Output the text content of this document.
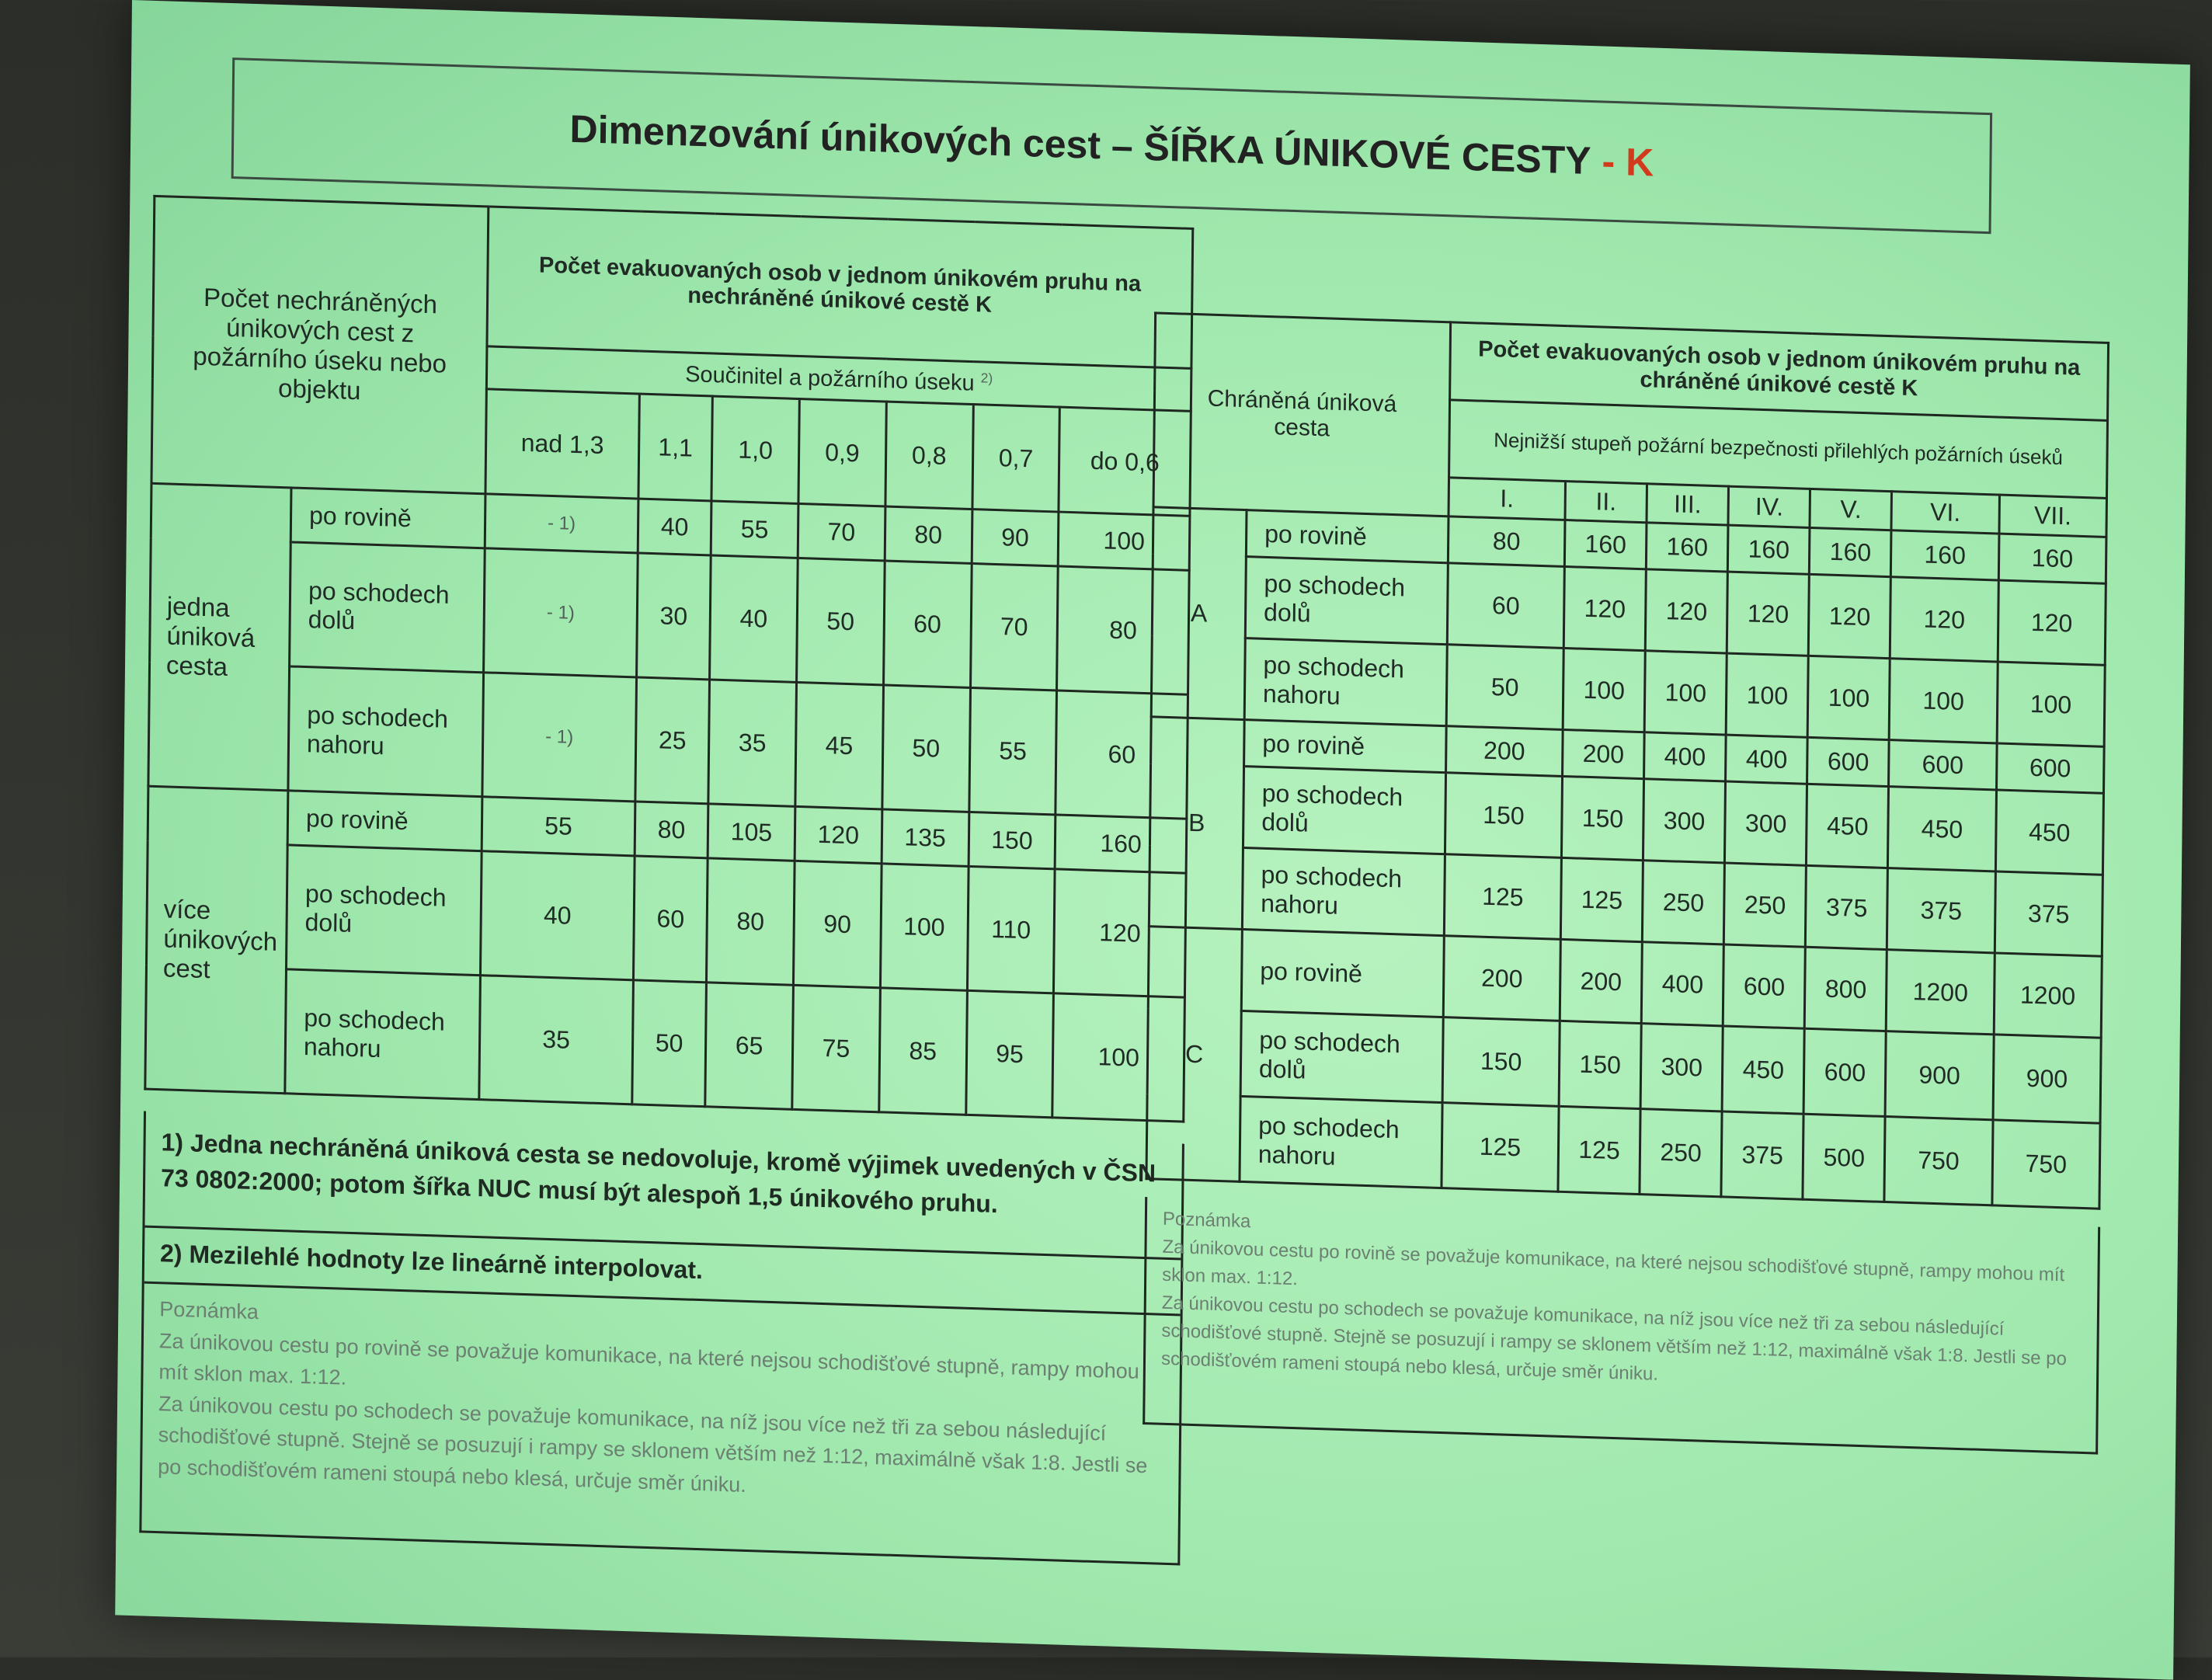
Dimenzování únikových cest – ŠÍŘKA ÚNIKOVÉ CESTY - K
Počet nechráněných únikových cest z požárního úseku nebo objektu		Počet evakuovaných osob v jednom únikovém pruhu na nechráněné únikové cestě K						
		Součinitel a požárního úseku $^{2)}$
		nad 1,3	1,1	1,0	0,9	0,8	0,7	do 0,6
jedna úniková cesta	po rovině	- 1)	40	55	70	80	90	100
	po schodech dolů	- 1)	30	40	50	60	70	80
	po schodech nahoru	- 1)	25	35	45	50	55	60
více únikových cest	po rovině	55	80	105	120	135	150	160
	po schodech dolů	40	60	80	90	100	110	120
	po schodech nahoru	35	50	65	75	85	95	100
1) Jedna nechráněná úniková cesta se nedovoluje, kromě výjimek uvedených v ČSN 73 0802:2000; potom šířka NUC musí být alespoň 1,5 únikového pruhu.
2) Mezilehlé hodnoty lze lineárně interpolovat.
Poznámka
Za únikovou cestu po rovině se považuje komunikace, na které nejsou schodišťové stupně, rampy mohou mít sklon max. 1:12.
Za únikovou cestu po schodech se považuje komunikace, na níž jsou více než tři za sebou následující schodišťové stupně. Stejně se posuzují i rampy se sklonem větším než 1:12, maximálně však 1:8. Jestli se po schodišťovém rameni stoupá nebo klesá, určuje směr úniku.
Chráněná úniková cesta		Počet evakuovaných osob v jednom únikovém pruhu na chráněné únikové cestě K						
		Nejnižší stupeň požární bezpečnosti přilehlých požárních úseků						
		I.	II.	III.	IV.	V.	VI.	VII.
A	po rovině	80	160	160	160	160	160	160
	po schodech dolů	60	120	120	120	120	120	120
	po schodech nahoru	50	100	100	100	100	100	100
B	po rovině	200	200	400	400	600	600	600
	po schodech dolů	150	150	300	300	450	450	450
	po schodech nahoru	125	125	250	250	375	375	375
C	po rovině	200	200	400	600	800	1200	1200
	po schodech dolů	150	150	300	450	600	900	900
	po schodech nahoru	125	125	250	375	500	750	750
Poznámka
Za únikovou cestu po rovině se považuje komunikace, na které nejsou schodišťové stupně, rampy mohou mít sklon max. 1:12.
Za únikovou cestu po schodech se považuje komunikace, na níž jsou více než tři za sebou následující schodišťové stupně. Stejně se posuzují i rampy se sklonem větším než 1:12, maximálně však 1:8. Jestli se po schodišťovém rameni stoupá nebo klesá, určuje směr úniku.
